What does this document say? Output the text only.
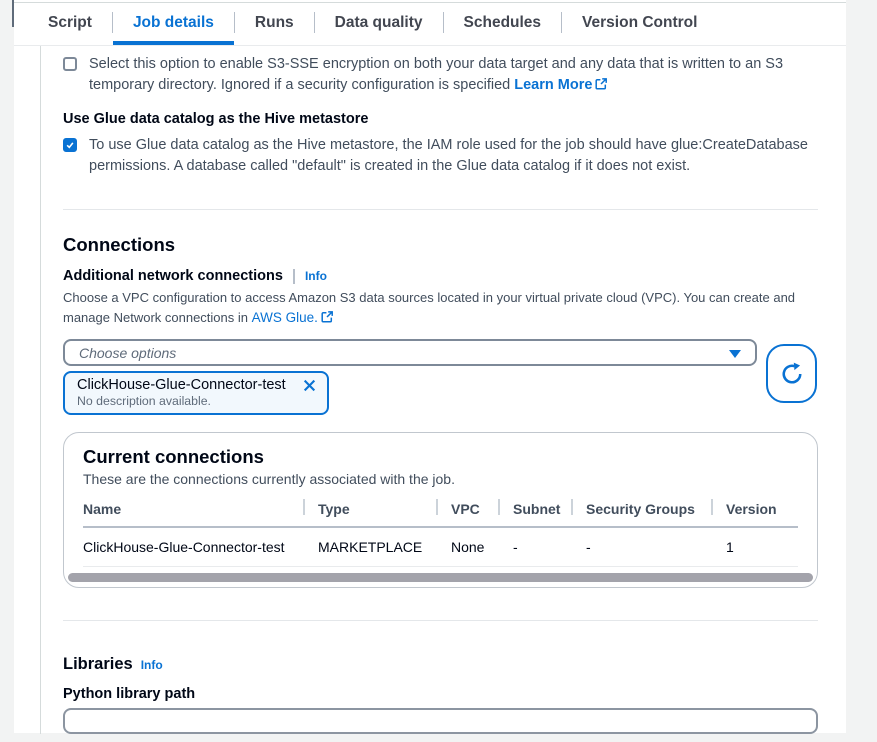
Script	Job details	Runs	Data quality	Schedules	Version Control
Select this option to enable S3-SSE encryption on both your data target and any data that is written to an S3 temporary directory. Ignored if a security configuration is specified Learn More
Use Glue data catalog as the Hive metastore
To use Glue data catalog as the Hive metastore, the IAM role used for the job should have glue:CreateDatabase permissions. A database called "default" is created in the Glue data catalog if it does not exist.
Connections
Additional network connections Info
Choose a VPC configuration to access Amazon S3 data sources located in your virtual private cloud (VPC). You can create and manage Network connections in AWS Glue.
Choose options
ClickHouse-Glue-Connector-test
No description available.
Current connections
These are the connections currently associated with the job.
Name	Type	VPC	Subnet	Security Groups	Version
ClickHouse-Glue-Connector-test	MARKETPLACE	None	-	-	1
Libraries Info
Python library path
